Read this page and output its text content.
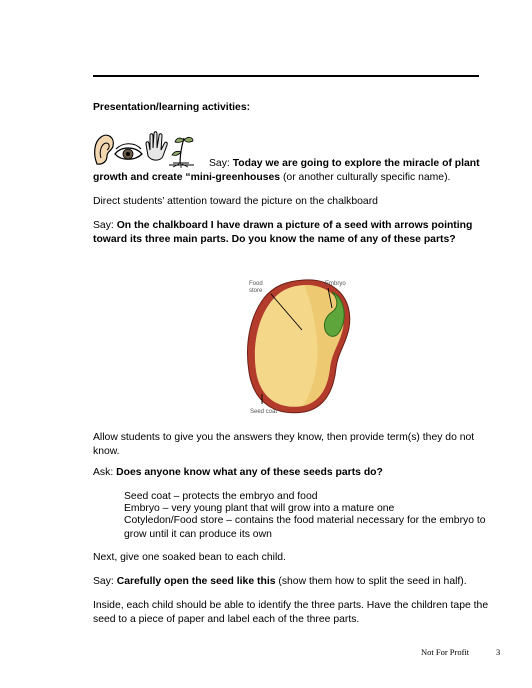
Presentation/learning activities:
Say: Today we are going to explore the miracle of plant growth and create “mini-greenhouses (or another culturally specific name).
Direct students’ attention toward the picture on the chalkboard
Say: On the chalkboard I have drawn a picture of a seed with arrows pointing toward its three main parts. Do you know the name of any of these parts?
Food
store
Embryo
Seed coat
Allow students to give you the answers they know, then provide term(s) they do not know.
Ask: Does anyone know what any of these seeds parts do?
Seed coat – protects the embryo and food
Embryo – very young plant that will grow into a mature one
Cotyledon/Food store – contains the food material necessary for the embryo to grow until it can produce its own
Next, give one soaked bean to each child.
Say: Carefully open the seed like this (show them how to split the seed in half).
Inside, each child should be able to identify the three parts. Have the children tape the seed to a piece of paper and label each of the three parts.
Not For Profit	3
